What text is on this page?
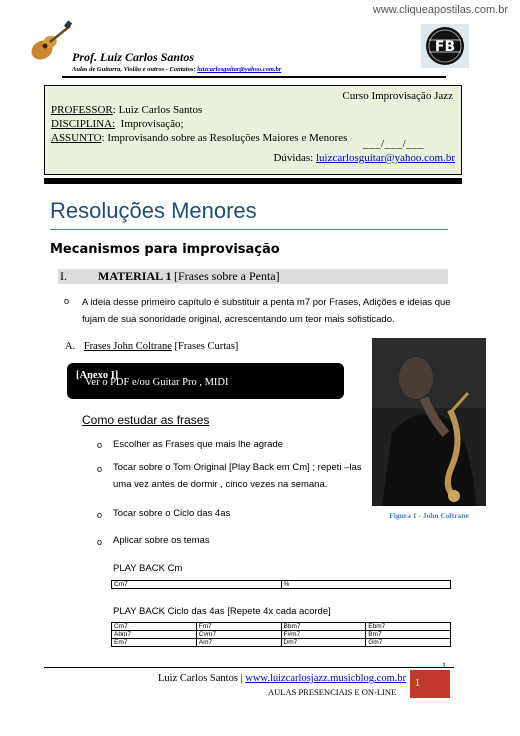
www.cliqueapostilas.com.br
Prof. Luiz Carlos Santos
Aulas de Guitarra, Violão e outros - Contatos: luizcarlosguitar@yahoo.com.br
FB
Curso Improvisação Jazz
PROFESSOR: Luiz Carlos Santos
DISCIPLINA:  Improvisação;
ASSUNTO: Improvisando sobre as Resoluções Maiores e Menores ___/___/___
Dúvidas: luizcarlosguitar@yahoo.com.br
Resoluções Menores
Mecanismos para improvisação
I.	MATERIAL 1 [Frases sobre a Penta]
o A ideia desse primeiro capítulo é substituir a penta m7 por Frases, Adições e ideias que fujam de sua sonoridade original, acrescentando um teor mais sofisticado.
A. Frases John Coltrane [Frases Curtas]
Ver o PDF e/ou Guitar Pro , MIDI
[Anexo I]
Figura 1 - John Coltrane
Como estudar as frases
o Escolher as Frases que mais lhe agrade
o Tocar sobre o Tom Original [Play Back em Cm] ; repeti –las uma vez antes de dormir , cinco vezes na semana.
o Tocar sobre o Ciclo das 4as
o Aplicar sobre os temas
PLAY BACK Cm
Cm7	%
PLAY BACK Ciclo das 4as [Repete 4x cada acorde]
Cm7	Fm7	Bbm7	Ebm7
Abm7	C#m7	F#m7	Bm7
Em7	Am7	Dm7	Gm7
1
Luiz Carlos Santos | www.luizcarlosjazz.musicblog.com.br
AULAS PRESENCIAIS E ON-LINE
1
